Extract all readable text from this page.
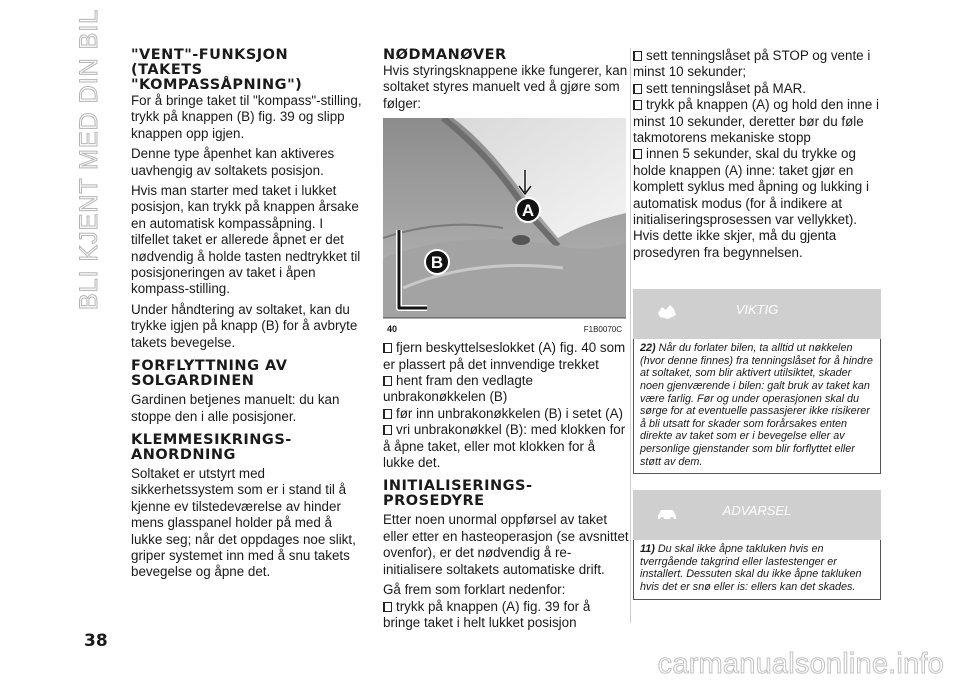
BLI KJENT MED DIN BIL "VENT"-FUNKSJON (TAKETS "KOMPASSÅPNING")

For å bringe taket til "kompass"-stilling, trykk på knappen (B) fig. 39 og slipp knappen opp igjen.

Denne type åpenhet kan aktiveres uavhengig av soltakets posisjon.

Hvis man starter med taket i lukket posisjon, kan trykk på knappen årsake en automatisk kompassåpning. I tilfellet taket er allerede åpnet er det nødvendig å holde tasten nedtrykket til posisjoneringen av taket i åpen kompass-stilling.

Under håndtering av soltaket, kan du trykke igjen på knapp (B) for å avbryte takets bevegelse.

FORFLYTTNING AV SOLGARDINEN

Gardinen betjenes manuelt: du kan stoppe den i alle posisjoner.

KLEMMESIKRINGS-ANORDNING

Soltaket er utstyrt med sikkerhetssystem som er i stand til å kjenne ev tilstedeværelse av hinder mens glasspanel holder på med å lukke seg; når det oppdages noe slikt, griper systemet inn med å snu takets bevegelse og åpne det.

NØDMANØVER

Hvis styringsknappene ikke fungerer, kan soltaket styres manuelt ved å gjøre som følger:

A
B
40	F1B0070C

fjern beskyttelseslokket (A) fig. 40 som er plassert på det innvendige trekket

hent fram den vedlagte unbrakonøkkelen (B)

før inn unbrakonøkkelen (B) i setet (A)

vri unbrakonøkkel (B): med klokken for å åpne taket, eller mot klokken for å lukke det.

INITIALISERINGS-PROSEDYRE

Etter noen unormal oppførsel av taket eller etter en hasteoperasjon (se avsnittet ovenfor), er det nødvendig å re-initialisere soltakets automatiske drift.

Gå frem som forklart nedenfor:

trykk på knappen (A) fig. 39 for å bringe taket i helt lukket posisjon

sett tenningslåset på STOP og vente i minst 10 sekunder;

sett tenningslåset på MAR.

trykk på knappen (A) og hold den inne i minst 10 sekunder, deretter bør du føle takmotorens mekaniske stopp

innen 5 sekunder, skal du trykke og holde knappen (A) inne: taket gjør en komplett syklus med åpning og lukking i automatisk modus (for å indikere at initialiseringsprosessen var vellykket).

Hvis dette ikke skjer, må du gjenta prosedyren fra begynnelsen.

VIKTIG

22) Når du forlater bilen, ta alltid ut nøkkelen (hvor denne finnes) fra tenningslåset for å hindre at soltaket, som blir aktivert utilsiktet, skader noen gjenværende i bilen: galt bruk av taket kan være farlig. Før og under operasjonen skal du sørge for at eventuelle passasjerer ikke risikerer å bli utsatt for skader som forårsakes enten direkte av taket som er i bevegelse eller av personlige gjenstander som blir forflyttet eller støtt av dem.

ADVARSEL

11) Du skal ikke åpne takluken hvis en tverrgående takgrind eller lastestenger er installert. Dessuten skal du ikke åpne takluken hvis det er snø eller is: ellers kan det skades.

38
carmanualsonline.info
